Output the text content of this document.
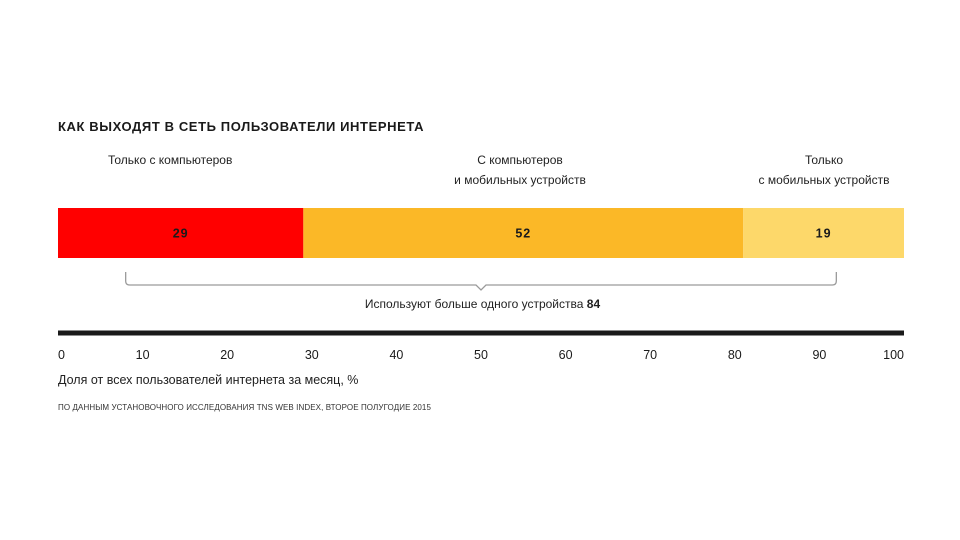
КАК ВЫХОДЯТ В СЕТЬ ПОЛЬЗОВАТЕЛИ ИНТЕРНЕТА
Только с компьютеров	С компьютеров
и мобильных устройств
Только
с мобильных устройств
29	52	19
0	10	20	30	40	50	60	70	80	90	100
Используют больше одного устройства 84
Доля от всех пользователей интернета за месяц, %
ПО ДАННЫМ УСТАНОВОЧНОГО ИССЛЕДОВАНИЯ TNS WEB INDEX, ВТОРОЕ ПОЛУГОДИЕ 2015
